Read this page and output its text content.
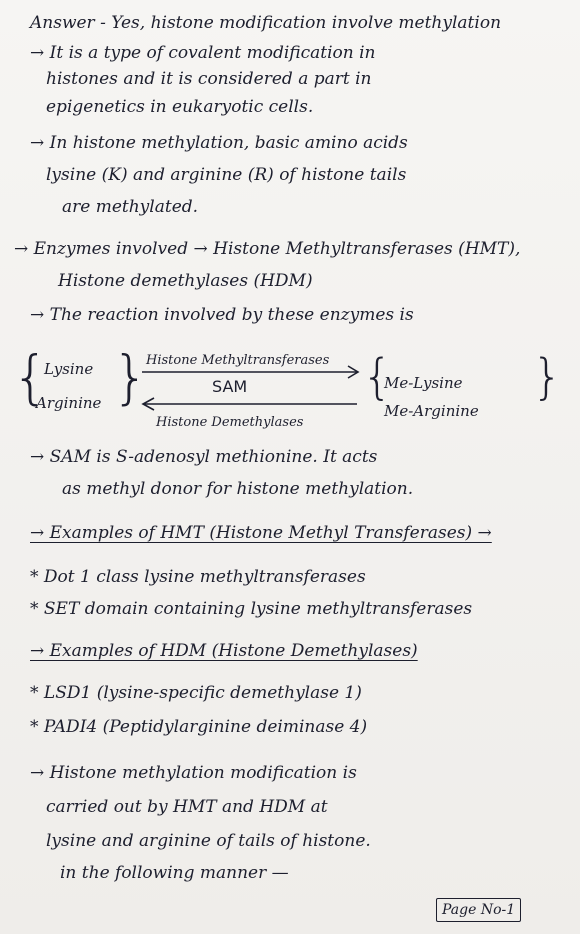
Answer - Yes, histone modification involve methylation
→ It is a type of covalent modification in
histones and it is considered a part in
epigenetics in eukaryotic cells.
→ In histone methylation, basic amino acids
lysine (K) and arginine (R) of histone tails
are methylated.
→ Enzymes involved → Histone Methyltransferases (HMT),
Histone demethylases (HDM)
→ The reaction involved by these enzymes is
{
Lysine
Arginine }
Histone Methyltransferases
SAM
Histone Demethylases
{
Me-Lysine
Me-Arginine
}
→ SAM is S-adenosyl methionine. It acts
as methyl donor for histone methylation.
→ Examples of HMT (Histone Methyl Transferases) →
* Dot 1 class lysine methyltransferases
* SET domain containing lysine methyltransferases
→ Examples of HDM (Histone Demethylases)
* LSD1 (lysine-specific demethylase 1)
* PADI4 (Peptidylarginine deiminase 4)
→ Histone methylation modification is
carried out by HMT and HDM at
lysine and arginine of tails of histone.
in the following manner —
Page No-1
